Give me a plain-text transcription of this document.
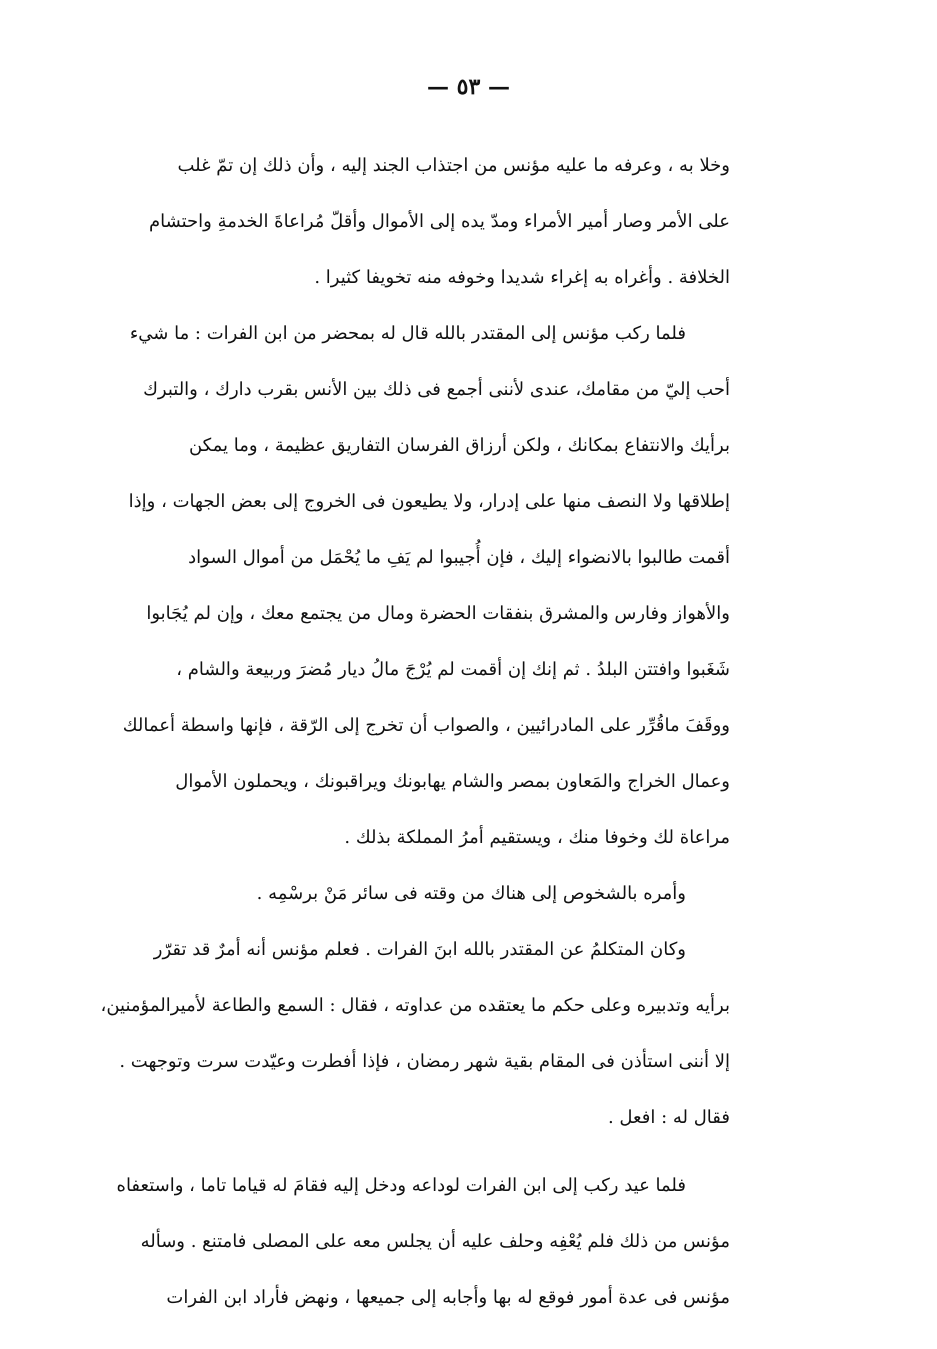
— ٥٣ —
وخلا به ، وعرفه ما عليه مؤنس من اجتذاب الجند إليه ، وأن ذلك إن تمّ غلب
على الأمر وصار أمير الأمراء ومدّ يده إلى الأموال وأقلّ مُراعاةَ الخدمةِ واحتشام
الخلافة . وأغراه به إغراء شديدا وخوفه منه تخويفا كثيرا .
فلما ركب مؤنس إلى المقتدر بالله قال له بمحضر من ابن الفرات : ما شيء
أحب إليّ من مقامك، عندى لأننى أجمع فى ذلك بين الأنس بقرب دارك ، والتبرك
برأيك والانتفاع بمكانك ، ولكن أرزاق الفرسان التفاريق عظيمة ، وما يمكن
إطلاقها ولا النصف منها على إدرار، ولا يطيعون فى الخروج إلى بعض الجهات ، وإذا
أقمت طالبوا بالانضواء إليك ، فإن أُجيبوا لم يَفِ ما يُحْمَل من أموال السواد
والأهواز وفارس والمشرق بنفقات الحضرة ومال من يجتمع معك ، وإن لم يُجَابوا
شَغَبوا وافتتن البلدُ . ثم إنك إن أقمت لم يُرْجَ مالُ ديار مُضرَ وربيعة والشام ،
ووقَفَ ماقُرِّر على المادرائيين ، والصواب أن تخرج إلى الرّقة ، فإنها واسطة أعمالك
وعمال الخراج والمَعاون بمصر والشام يهابونك ويراقبونك ، ويحملون الأموال
مراعاة لك وخوفا منك ، ويستقيم أمرُ المملكة بذلك .
وأمره بالشخوص إلى هناك من وقته فى سائر مَنْ برسْمِه .
وكان المتكلمُ عن المقتدر بالله ابنَ الفرات . فعلم مؤنس أنه أمرٌ قد تقرّر
برأيه وتدبيره وعلى حكم ما يعتقده من عداوته ، فقال : السمع والطاعة لأميرالمؤمنين،
إلا أننى استأذن فى المقام بقية شهر رمضان ، فإذا أفطرت وعيّدت سرت وتوجهت .
فقال له : افعل .
فلما عيد ركب إلى ابن الفرات لوداعه ودخل إليه فقامَ له قياما تاما ، واستعفاه
مؤنس من ذلك فلم يُعْفِه وحلف عليه أن يجلس معه على المصلى فامتنع . وسأله
مؤنس فى عدة أمور فوقع له بها وأجابه إلى جميعها ، ونهض فأراد ابن الفرات
